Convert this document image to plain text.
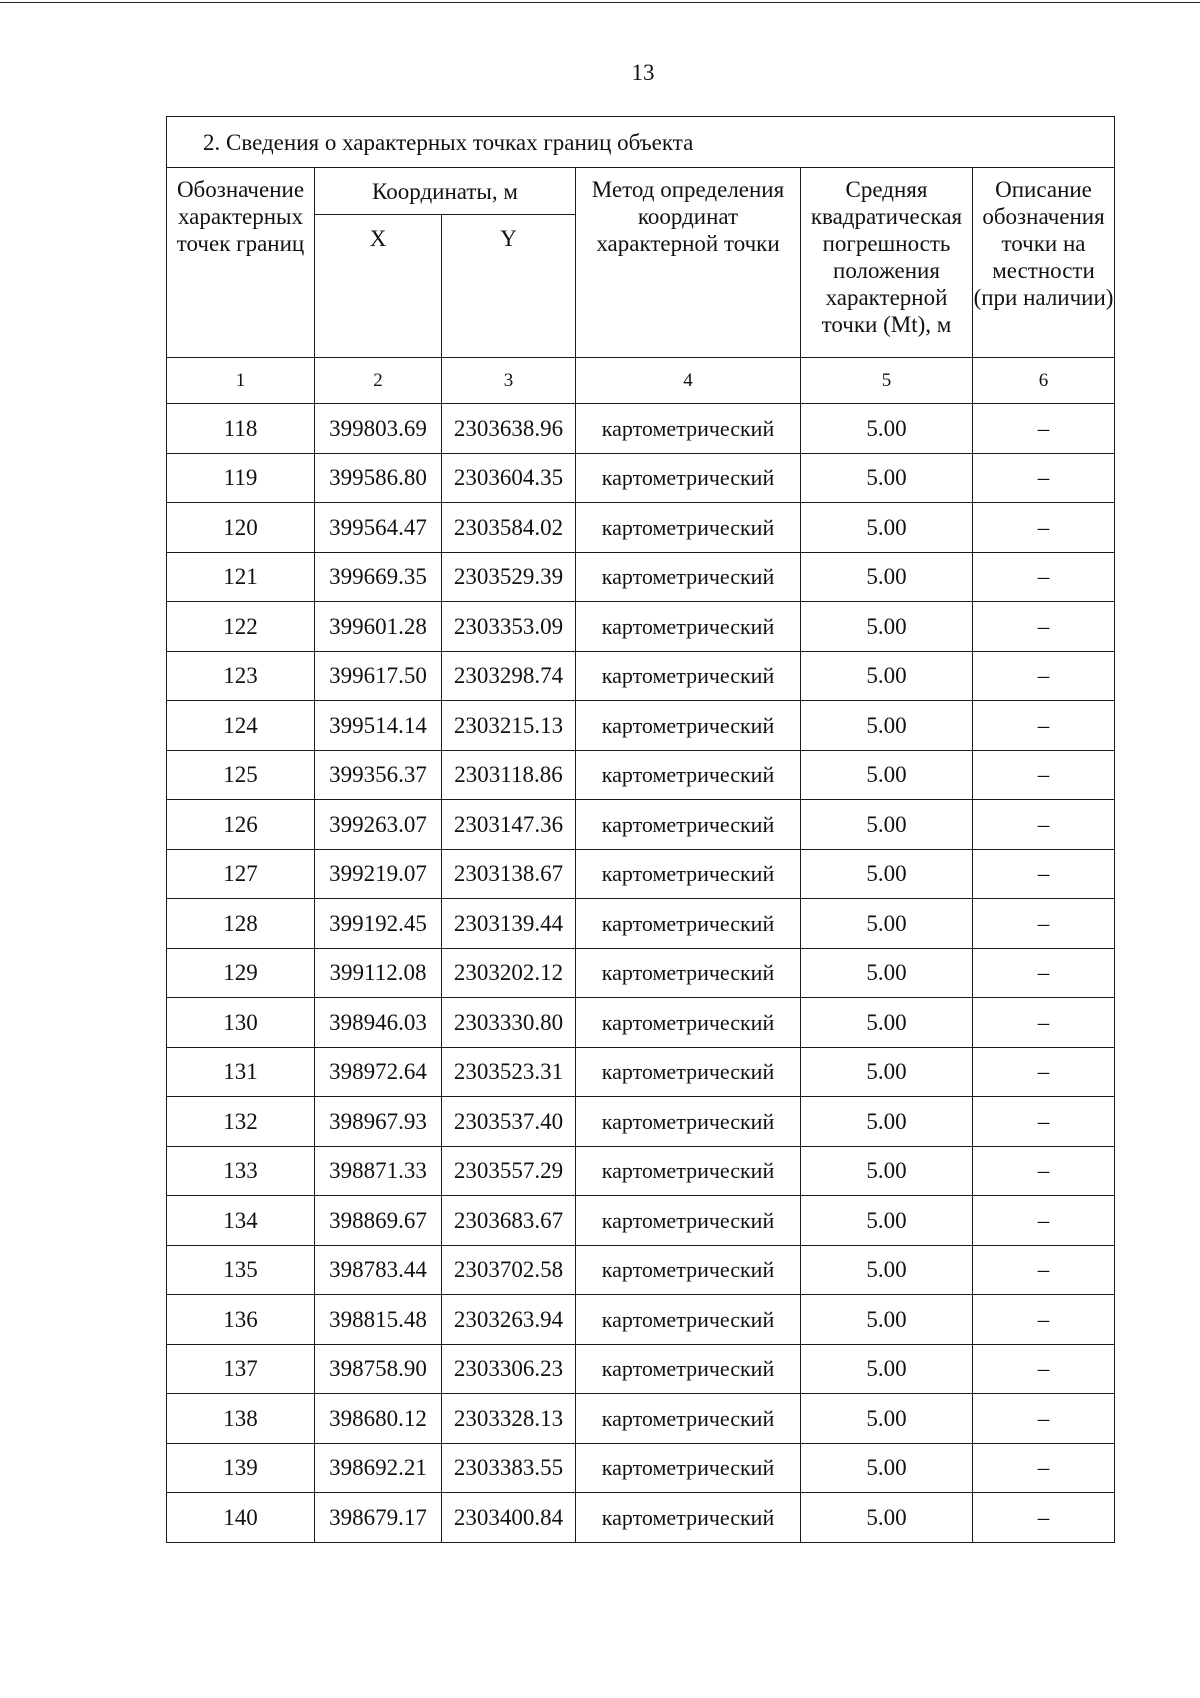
13
2. Сведения о характерных точках границ объекта					
Обозначение характерных точек границ	Координаты, м		Метод определения координат характерной точки	Средняя квадратическая погрешность положения характерной точки (Mt), м	Описание обозначения точки на местности (при наличии)
	X	Y			
1	2	3	4	5	6
118	399803.69	2303638.96	картометрический	5.00	–
119	399586.80	2303604.35	картометрический	5.00	–
120	399564.47	2303584.02	картометрический	5.00	–
121	399669.35	2303529.39	картометрический	5.00	–
122	399601.28	2303353.09	картометрический	5.00	–
123	399617.50	2303298.74	картометрический	5.00	–
124	399514.14	2303215.13	картометрический	5.00	–
125	399356.37	2303118.86	картометрический	5.00	–
126	399263.07	2303147.36	картометрический	5.00	–
127	399219.07	2303138.67	картометрический	5.00	–
128	399192.45	2303139.44	картометрический	5.00	–
129	399112.08	2303202.12	картометрический	5.00	–
130	398946.03	2303330.80	картометрический	5.00	–
131	398972.64	2303523.31	картометрический	5.00	–
132	398967.93	2303537.40	картометрический	5.00	–
133	398871.33	2303557.29	картометрический	5.00	–
134	398869.67	2303683.67	картометрический	5.00	–
135	398783.44	2303702.58	картометрический	5.00	–
136	398815.48	2303263.94	картометрический	5.00	–
137	398758.90	2303306.23	картометрический	5.00	–
138	398680.12	2303328.13	картометрический	5.00	–
139	398692.21	2303383.55	картометрический	5.00	–
140	398679.17	2303400.84	картометрический	5.00	–
